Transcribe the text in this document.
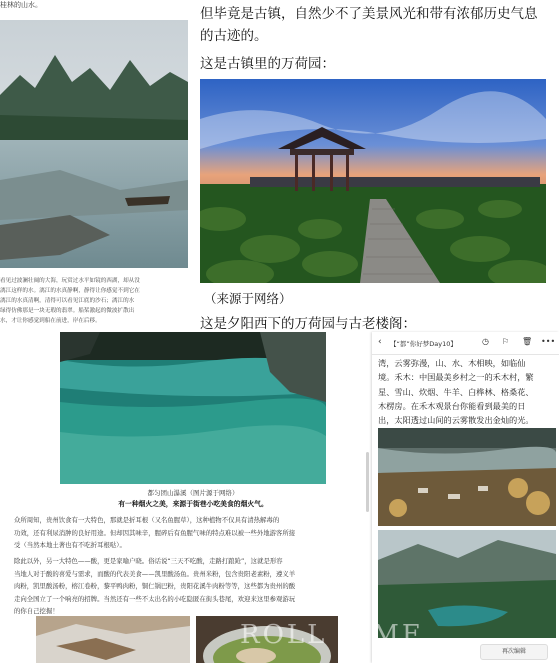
桂林的山水。
看见过波澜壮阔的大海，玩赏过水平如镜的西湖，却从没
漓江这样的水。漓江的水真静啊，静得让你感觉不到它在
漓江的水真清啊，清得可以看见江底的沙石；漓江的水
绿得仿佛那是一块无瑕的翡翠。船桨激起的微波扩散出
水，才让你感觉到船在前进，岸在后移。
但毕竟是古镇，自然少不了美景风光和带有浓郁历史气息的古迹的。
这是古镇里的万荷园：
（来源于网络）
这是夕阳西下的万荷园与古老楼阁：
都匀团山瀑溪（图片源于网络）
有一种烟火之美，来源于街巷小吃美食的烟火气。
众所周知，贵州饮食有一大特色，那就是折耳根（又名鱼腥草），这种植物不仅具有清热解毒的
功效，还有利尿消肿的良好用途。但却因其味辛，腥碎后有鱼腥气味的特点难以被一些外地游客所接
受（当然本地土著也有不吃折耳根哒）。
除此以外，另一大特色——酸，更是家喻户晓。俗话说“三天不吃酸，走路打踉跄”，这就是形容
当地人对于酸的喜爱与需求，而酸的代表美食——凯里酸汤鱼。贵州米粉，包含贵阳老素粉，遵义羊
肉粉，凯里酸汤粉，榕江卷粉，黎平鸭肉粉，铜仁锅巴粉，贵阳花溪牛肉粉等等，这些都为贵州的酸
走向全国立了一个响亮的招牌。当然还有一些不太出名的小吃隐匿在街头巷尾，欢迎来这里参观游玩
的你自己挖掘！
‹ 【“都”你好梦Day10】	◷ ⚐ 🗑 •••
湾，云雾弥漫，山、水、木相映，如临仙
境。禾木：中国最美乡村之一的禾木村，繁
星、雪山、炊烟、牛羊、白桦林、格桑花、
木楞房。在禾木观景台你能看到最美的日
出，太阳透过山间的云雾散发出金灿的光。
再次编辑
ROLL TIME
